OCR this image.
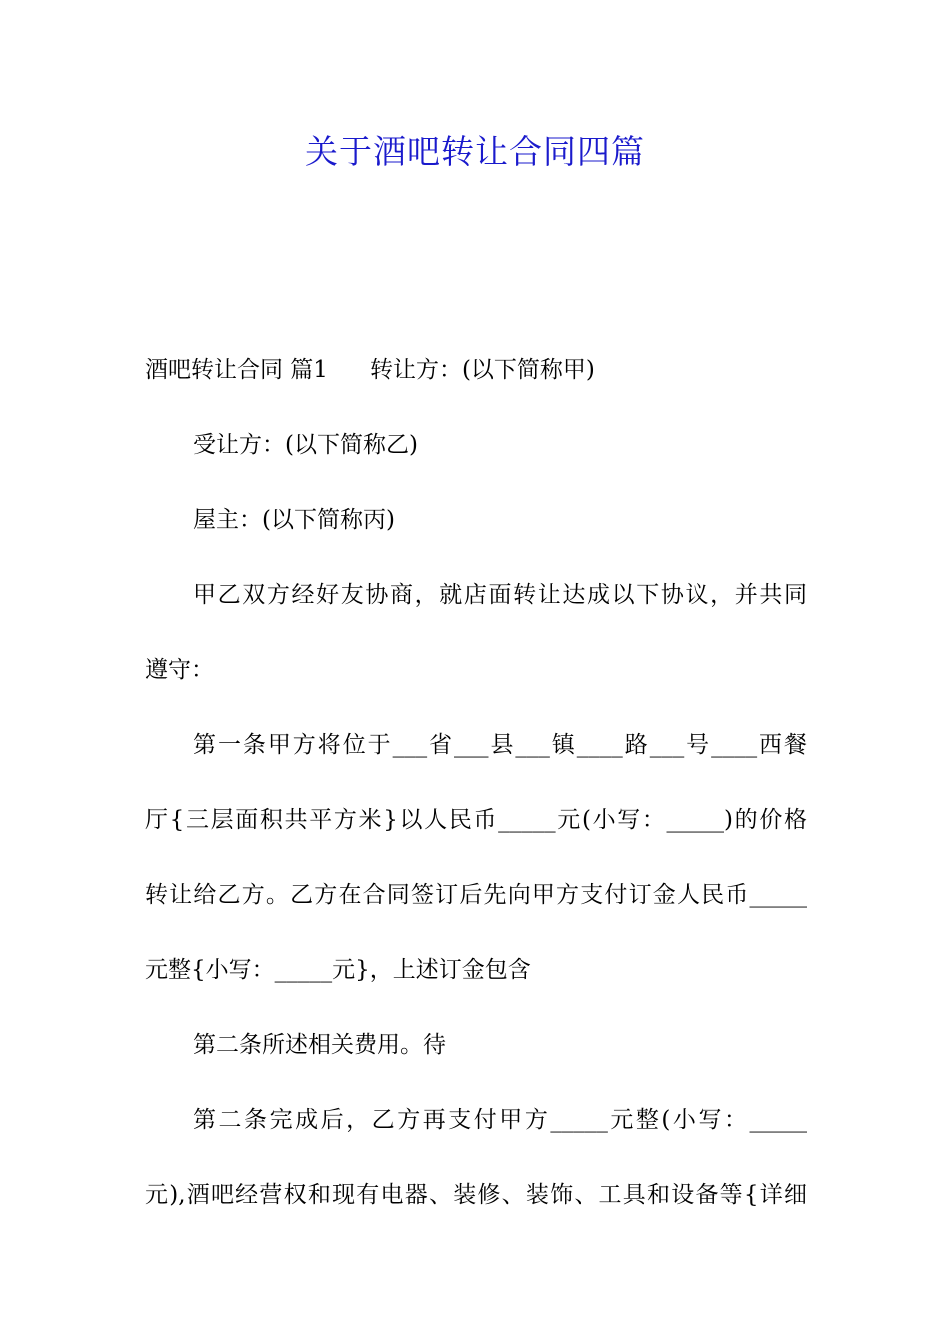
关于酒吧转让合同四篇
酒吧转让合同 篇1 转让方：(以下简称甲)
受让方：(以下简称乙)
屋主：(以下简称丙)
甲乙双方经好友协商，就店面转让达成以下协议，并共同
遵守：
第一条甲方将位于___省___县___镇____路___号____西餐
厅{三层面积共平方米}以人民币_____元(小写：_____)的价格
转让给乙方。乙方在合同签订后先向甲方支付订金人民币_____
元整{小写：_____元}，上述订金包含
第二条所述相关费用。待
第二条完成后，乙方再支付甲方_____元整(小写：_____
元),酒吧经营权和现有电器、装修、装饰、工具和设备等{详细
